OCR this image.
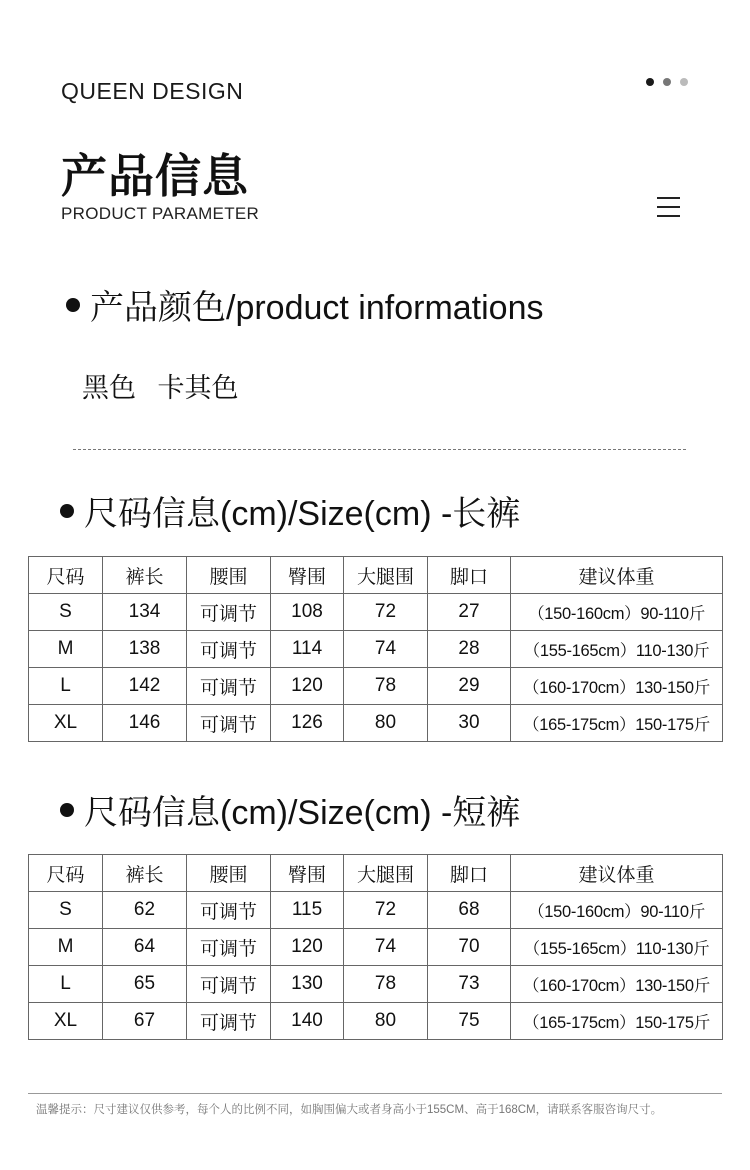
QUEEN DESIGN
产品信息
PRODUCT PARAMETER
产品颜色/product informations
黑色 卡其色
尺码信息(cm)/Size(cm) -长裤
尺码	裤长	腰围	臀围	大腿围	脚口	建议体重
S	134	可调节	108	72	27	（150-160cm）90-110斤
M	138	可调节	114	74	28	（155-165cm）110-130斤
L	142	可调节	120	78	29	（160-170cm）130-150斤
XL	146	可调节	126	80	30	（165-175cm）150-175斤
尺码信息(cm)/Size(cm) -短裤
尺码	裤长	腰围	臀围	大腿围	脚口	建议体重
S	62	可调节	115	72	68	（150-160cm）90-110斤
M	64	可调节	120	74	70	（155-165cm）110-130斤
L	65	可调节	130	78	73	（160-170cm）130-150斤
XL	67	可调节	140	80	75	（165-175cm）150-175斤
温馨提示：尺寸建议仅供参考，每个人的比例不同，如胸围偏大或者身高小于155CM、高于168CM，请联系客服咨询尺寸。
